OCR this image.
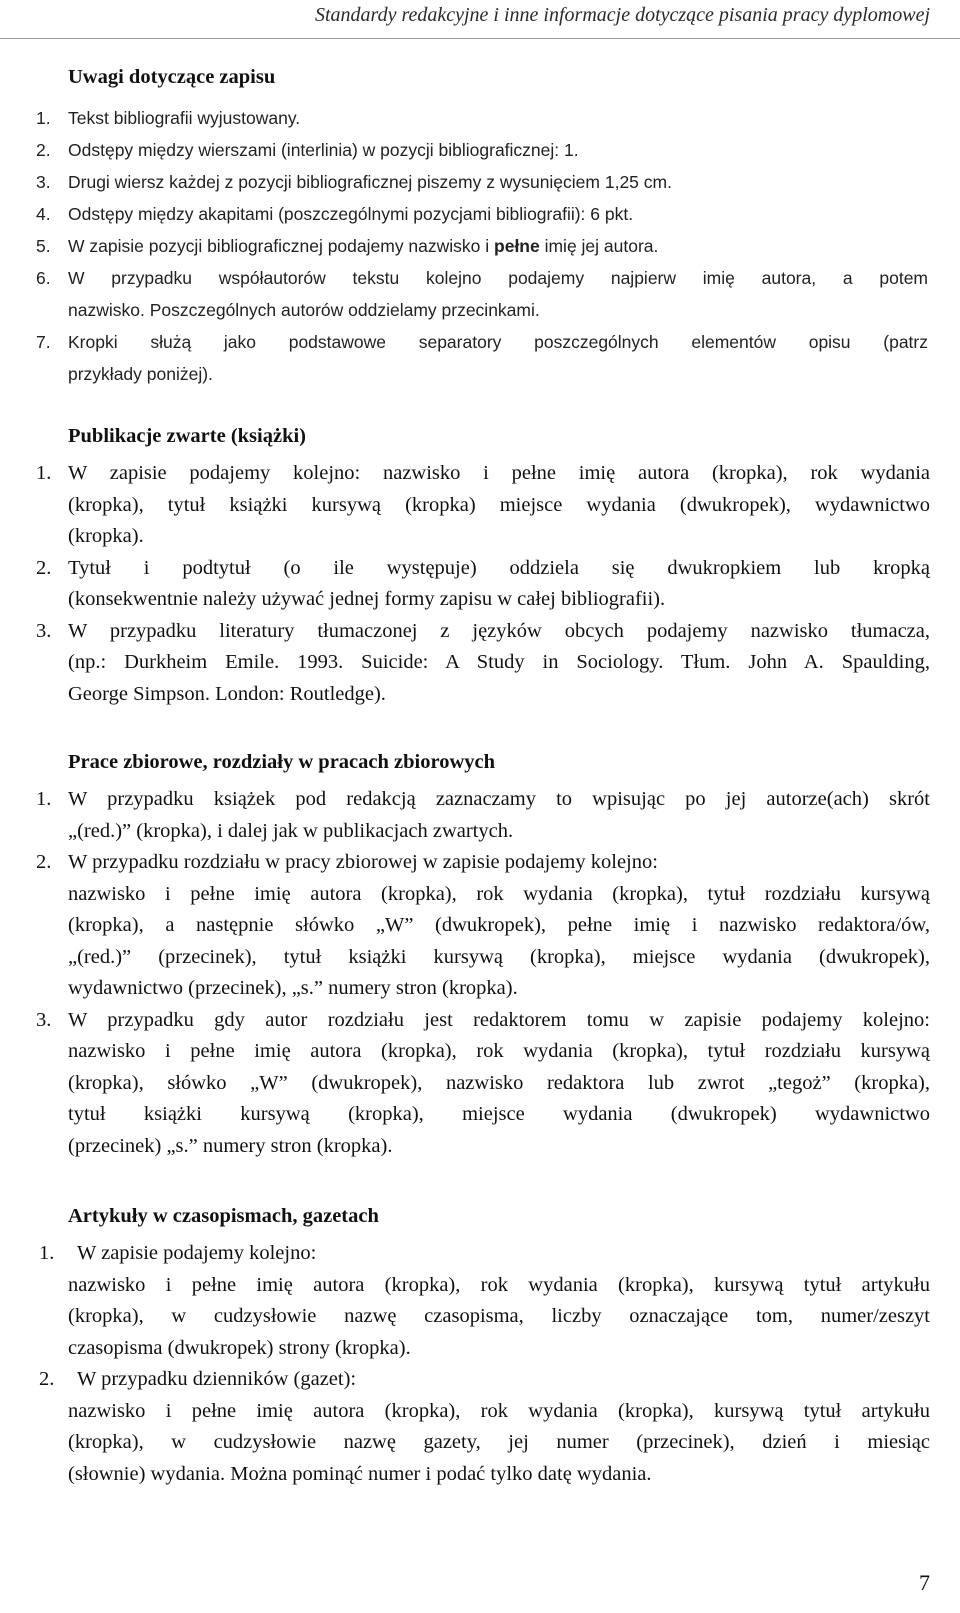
Standardy redakcyjne i inne informacje dotyczące pisania pracy dyplomowej
Uwagi dotyczące zapisu
1. Tekst bibliografii wyjustowany.
2. Odstępy między wierszami (interlinia) w pozycji bibliograficznej: 1.
3. Drugi wiersz każdej z pozycji bibliograficznej piszemy z wysunięciem 1,25 cm.
4. Odstępy między akapitami (poszczególnymi pozycjami bibliografii): 6 pkt.
5. W zapisie pozycji bibliograficznej podajemy nazwisko i pełne imię jej autora.
6. W przypadku współautorów tekstu kolejno podajemy najpierw imię autora, a potem
nazwisko. Poszczególnych autorów oddzielamy przecinkami.
7. Kropki służą jako podstawowe separatory poszczególnych elementów opisu (patrz
przykłady poniżej).
Publikacje zwarte (książki)
1. W zapisie podajemy kolejno: nazwisko i pełne imię autora (kropka), rok wydania
(kropka), tytuł książki kursywą (kropka) miejsce wydania (dwukropek), wydawnictwo
(kropka).
2. Tytuł i podtytuł (o ile występuje) oddziela się dwukropkiem lub kropką
(konsekwentnie należy używać jednej formy zapisu w całej bibliografii).
3. W przypadku literatury tłumaczonej z języków obcych podajemy nazwisko tłumacza,
(np.: Durkheim Emile. 1993. Suicide: A Study in Sociology. Tłum. John A. Spaulding,
George Simpson. London: Routledge).
Prace zbiorowe, rozdziały w pracach zbiorowych
1. W przypadku książek pod redakcją zaznaczamy to wpisując po jej autorze(ach) skrót
„(red.)” (kropka), i dalej jak w publikacjach zwartych.
2. W przypadku rozdziału w pracy zbiorowej w zapisie podajemy kolejno:
nazwisko i pełne imię autora (kropka), rok wydania (kropka), tytuł rozdziału kursywą
(kropka), a następnie słówko „W” (dwukropek), pełne imię i nazwisko redaktora/ów,
„(red.)” (przecinek), tytuł książki kursywą (kropka), miejsce wydania (dwukropek),
wydawnictwo (przecinek), „s.” numery stron (kropka).
3. W przypadku gdy autor rozdziału jest redaktorem tomu w zapisie podajemy kolejno:
nazwisko i pełne imię autora (kropka), rok wydania (kropka), tytuł rozdziału kursywą
(kropka), słówko „W” (dwukropek), nazwisko redaktora lub zwrot „tegoż” (kropka),
tytuł książki kursywą (kropka), miejsce wydania (dwukropek) wydawnictwo
(przecinek) „s.” numery stron (kropka).
Artykuły w czasopismach, gazetach
1.	W zapisie podajemy kolejno:
nazwisko i pełne imię autora (kropka), rok wydania (kropka), kursywą tytuł artykułu
(kropka), w cudzysłowie nazwę czasopisma, liczby oznaczające tom, numer/zeszyt
czasopisma (dwukropek) strony (kropka).
2.	W przypadku dzienników (gazet):
nazwisko i pełne imię autora (kropka), rok wydania (kropka), kursywą tytuł artykułu
(kropka), w cudzysłowie nazwę gazety, jej numer (przecinek), dzień i miesiąc
(słownie) wydania. Można pominąć numer i podać tylko datę wydania.
7
